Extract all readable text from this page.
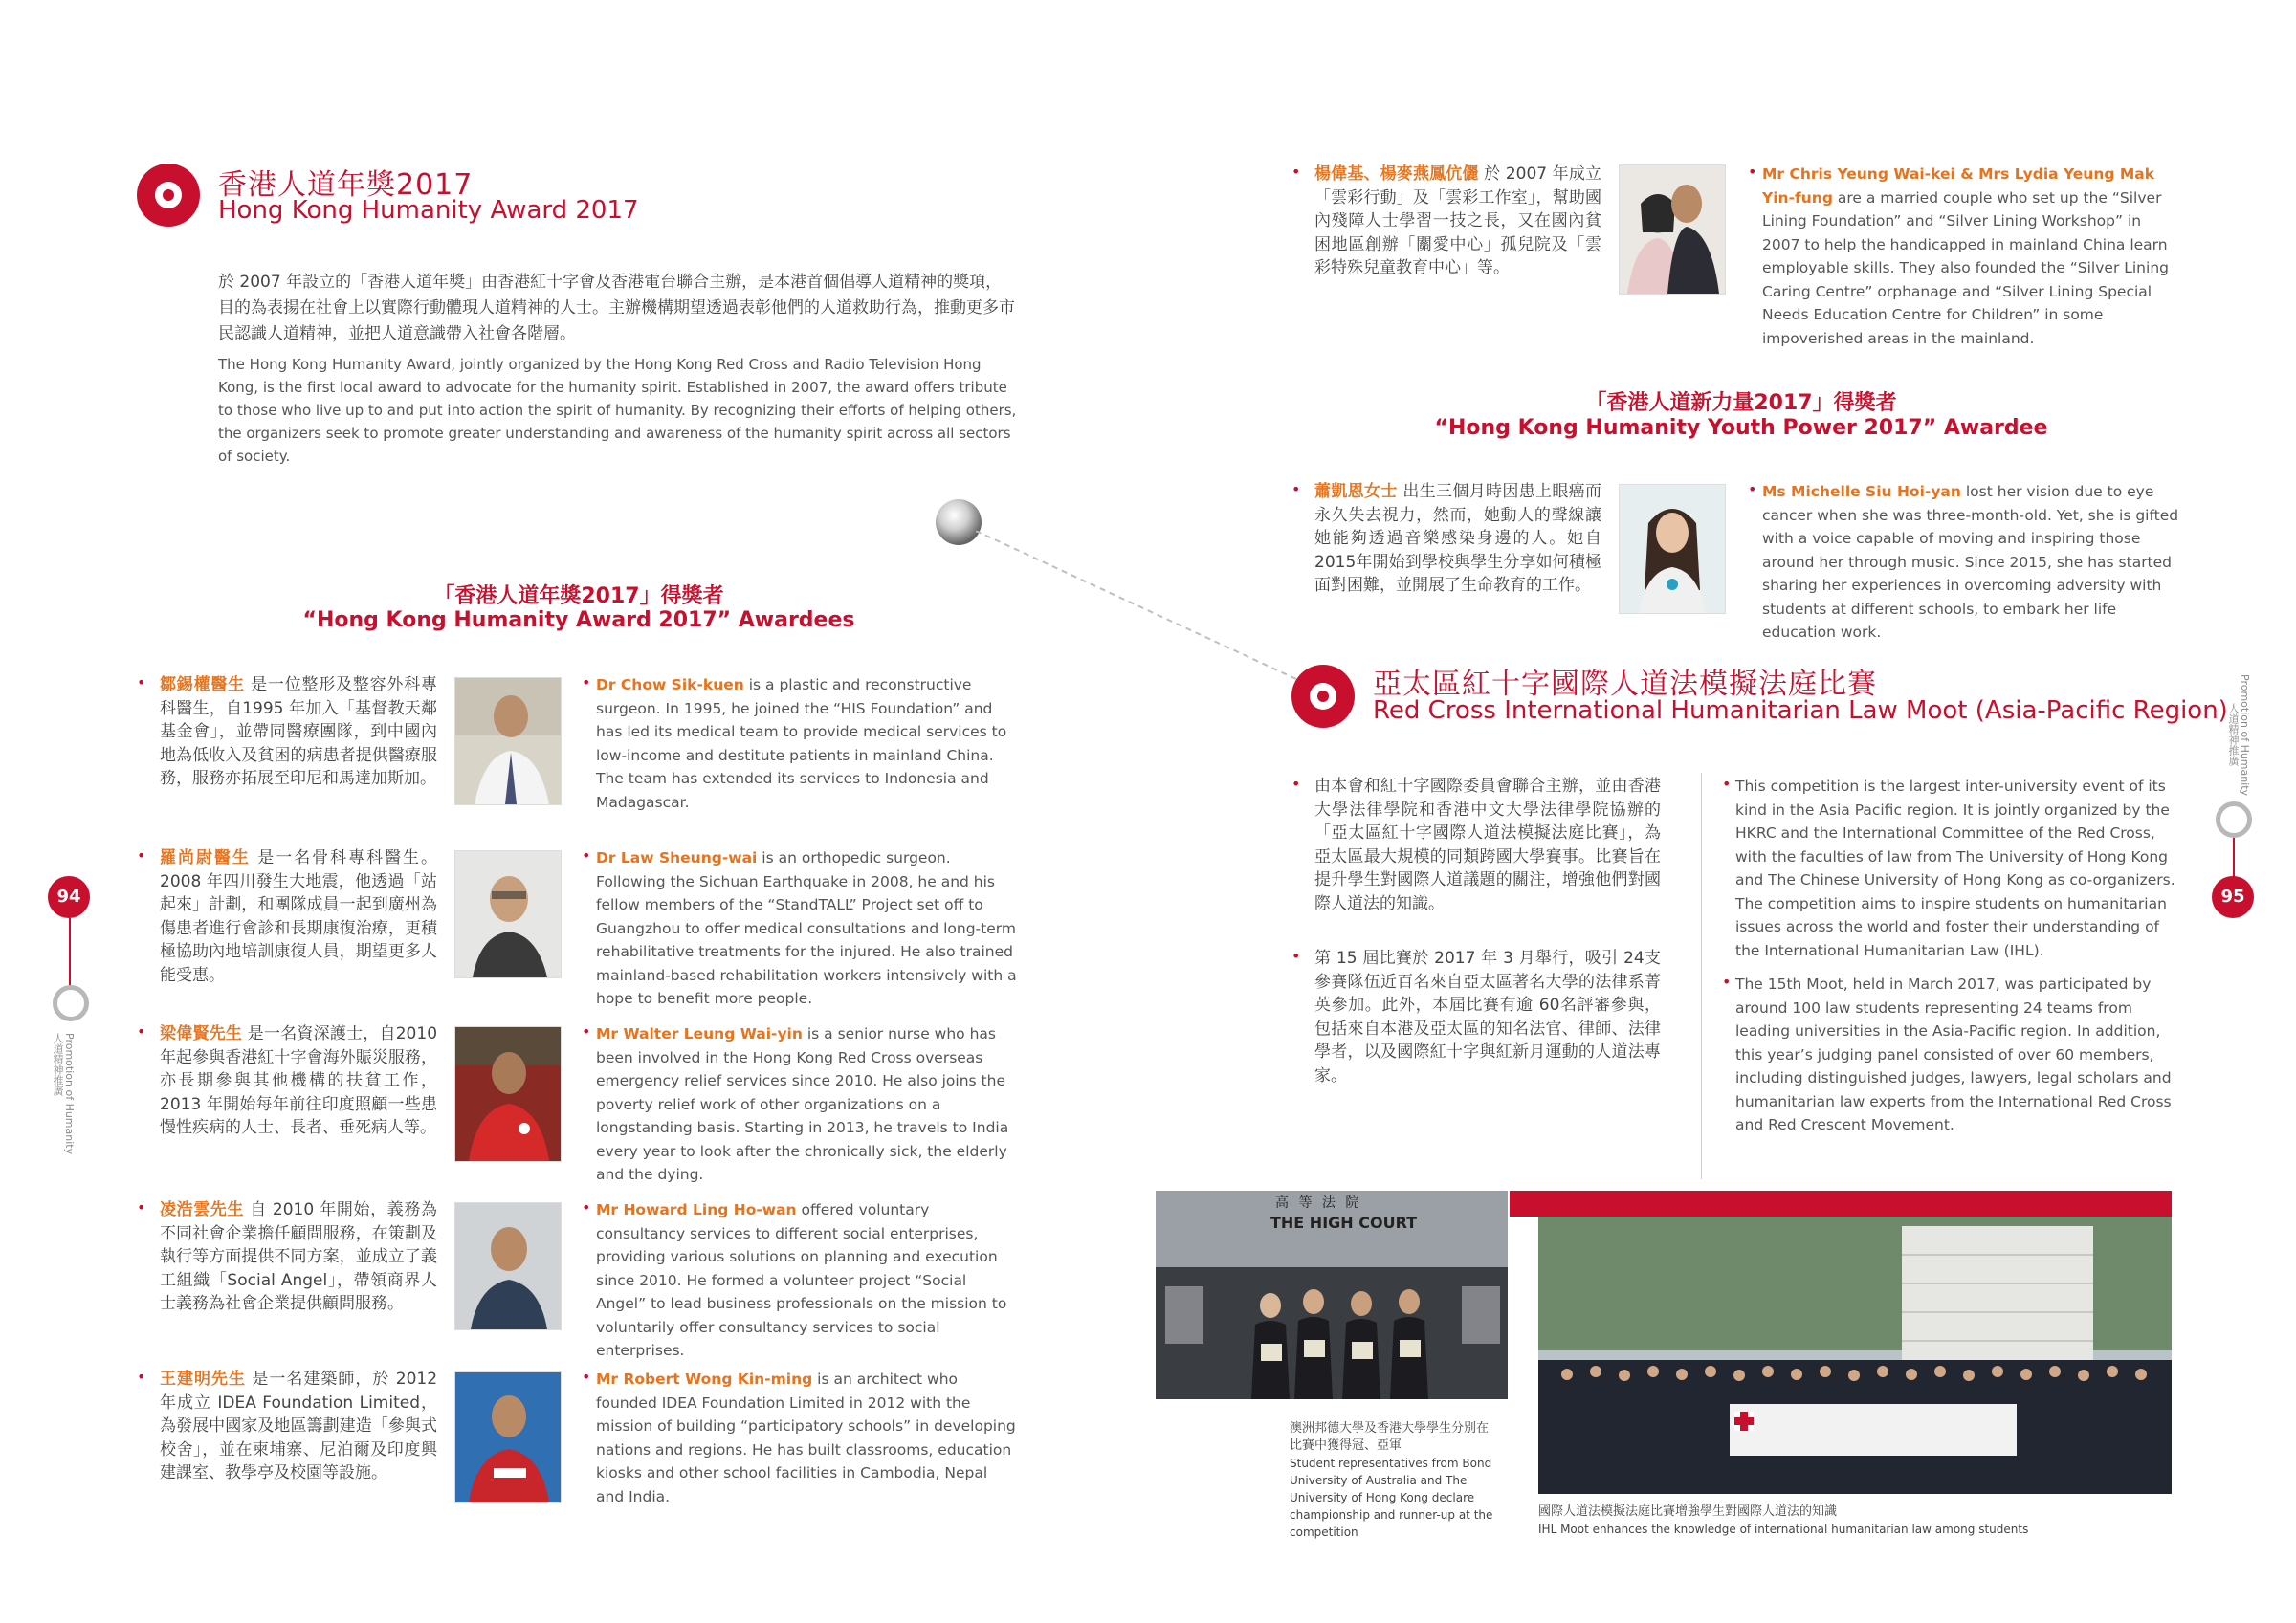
香港人道年獎2017
Hong Kong Humanity Award 2017
於 2007 年設立的「香港人道年獎」由香港紅十字會及香港電台聯合主辦，是本港首個倡導人道精神的獎項，目的為表揚在社會上以實際行動體現人道精神的人士。主辦機構期望透過表彰他們的人道救助行為，推動更多市民認識人道精神，並把人道意識帶入社會各階層。
The Hong Kong Humanity Award, jointly organized by the Hong Kong Red Cross and Radio Television Hong Kong, is the first local award to advocate for the humanity spirit. Established in 2007, the award offers tribute to those who live up to and put into action the spirit of humanity. By recognizing their efforts of helping others, the organizers seek to promote greater understanding and awareness of the humanity spirit across all sectors of society.
「香港人道年獎2017」得獎者
“Hong Kong Humanity Award 2017” Awardees
• 鄒錫權醫生 是一位整形及整容外科專科醫生，自1995 年加入「基督教天鄰基金會」，並帶同醫療團隊，到中國內地為低收入及貧困的病患者提供醫療服務，服務亦拓展至印尼和馬達加斯加。
• Dr Chow Sik-kuen is a plastic and reconstructive surgeon. In 1995, he joined the “HIS Foundation” and has led its medical team to provide medical services to low-income and destitute patients in mainland China. The team has extended its services to Indonesia and Madagascar.
• 羅尚尉醫生 是一名骨科專科醫生。2008 年四川發生大地震，他透過「站起來」計劃，和團隊成員一起到廣州為傷患者進行會診和長期康復治療，更積極協助內地培訓康復人員，期望更多人能受惠。
• Dr Law Sheung-wai is an orthopedic surgeon. Following the Sichuan Earthquake in 2008, he and his fellow members of the “StandTALL” Project set off to Guangzhou to offer medical consultations and long-term rehabilitative treatments for the injured. He also trained mainland-based rehabilitation workers intensively with a hope to benefit more people.
• 梁偉賢先生 是一名資深護士，自2010年起參與香港紅十字會海外賑災服務，亦長期參與其他機構的扶貧工作，2013 年開始每年前往印度照顧一些患慢性疾病的人士、長者、垂死病人等。
• Mr Walter Leung Wai-yin is a senior nurse who has been involved in the Hong Kong Red Cross overseas emergency relief services since 2010. He also joins the poverty relief work of other organizations on a longstanding basis. Starting in 2013, he travels to India every year to look after the chronically sick, the elderly and the dying.
• 凌浩雲先生 自 2010 年開始，義務為不同社會企業擔任顧問服務，在策劃及執行等方面提供不同方案，並成立了義工組織「Social Angel」，帶領商界人士義務為社會企業提供顧問服務。
• Mr Howard Ling Ho-wan offered voluntary consultancy services to different social enterprises, providing various solutions on planning and execution since 2010. He formed a volunteer project “Social Angel” to lead business professionals on the mission to voluntarily offer consultancy services to social enterprises.
• 王建明先生 是一名建築師，於 2012 年成立 IDEA Foundation Limited，為發展中國家及地區籌劃建造「參與式校舍」，並在柬埔寨、尼泊爾及印度興建課室、教學亭及校園等設施。
• Mr Robert Wong Kin-ming is an architect who founded IDEA Foundation Limited in 2012 with the mission of building “participatory schools” in developing nations and regions. He has built classrooms, education kiosks and other school facilities in Cambodia, Nepal and India.
94
Promotion of Humanity
人道精神推廣
• 楊偉基、楊麥燕鳳伉儷 於 2007 年成立「雲彩行動」及「雲彩工作室」，幫助國內殘障人士學習一技之長，又在國內貧困地區創辦「關愛中心」孤兒院及「雲彩特殊兒童教育中心」等。
• Mr Chris Yeung Wai-kei & Mrs Lydia Yeung Mak Yin-fung are a married couple who set up the “Silver Lining Foundation” and “Silver Lining Workshop” in 2007 to help the handicapped in mainland China learn employable skills. They also founded the “Silver Lining Caring Centre” orphanage and “Silver Lining Special Needs Education Centre for Children” in some impoverished areas in the mainland.
「香港人道新力量2017」得獎者
“Hong Kong Humanity Youth Power 2017” Awardee
• 蕭凱恩女士 出生三個月時因患上眼癌而永久失去視力，然而，她動人的聲線讓她能夠透過音樂感染身邊的人。她自 2015年開始到學校與學生分享如何積極面對困難，並開展了生命教育的工作。
• Ms Michelle Siu Hoi-yan lost her vision due to eye cancer when she was three-month-old. Yet, she is gifted with a voice capable of moving and inspiring those around her through music. Since 2015, she has started sharing her experiences in overcoming adversity with students at different schools, to embark her life education work.
亞太區紅十字國際人道法模擬法庭比賽
Red Cross International Humanitarian Law Moot (Asia-Pacific Region)
• 由本會和紅十字國際委員會聯合主辦，並由香港大學法律學院和香港中文大學法律學院協辦的「亞太區紅十字國際人道法模擬法庭比賽」，為亞太區最大規模的同類跨國大學賽事。比賽旨在提升學生對國際人道議題的關注，增強他們對國際人道法的知識。
• 第 15 屆比賽於 2017 年 3 月舉行，吸引 24支參賽隊伍近百名來自亞太區著名大學的法律系菁英參加。此外，本屆比賽有逾 60名評審參與，包括來自本港及亞太區的知名法官、律師、法律學者，以及國際紅十字與紅新月運動的人道法專家。
• This competition is the largest inter-university event of its kind in the Asia Pacific region. It is jointly organized by the HKRC and the International Committee of the Red Cross, with the faculties of law from The University of Hong Kong and The Chinese University of Hong Kong as co-organizers. The competition aims to inspire students on humanitarian issues across the world and foster their understanding of the International Humanitarian Law (IHL).
• The 15th Moot, held in March 2017, was participated by around 100 law students representing 24 teams from leading universities in the Asia-Pacific region. In addition, this year’s judging panel consisted of over 60 members, including distinguished judges, lawyers, legal scholars and humanitarian law experts from the International Red Cross and Red Crescent Movement.
高 等 法 院
THE HIGH COURT
澳洲邦德大學及香港大學學生分別在比賽中獲得冠、亞軍
Student representatives from Bond University of Australia and The University of Hong Kong declare championship and runner-up at the competition
國際人道法模擬法庭比賽增強學生對國際人道法的知識
IHL Moot enhances the knowledge of international humanitarian law among students
95
Promotion of Humanity
人道精神推廣
